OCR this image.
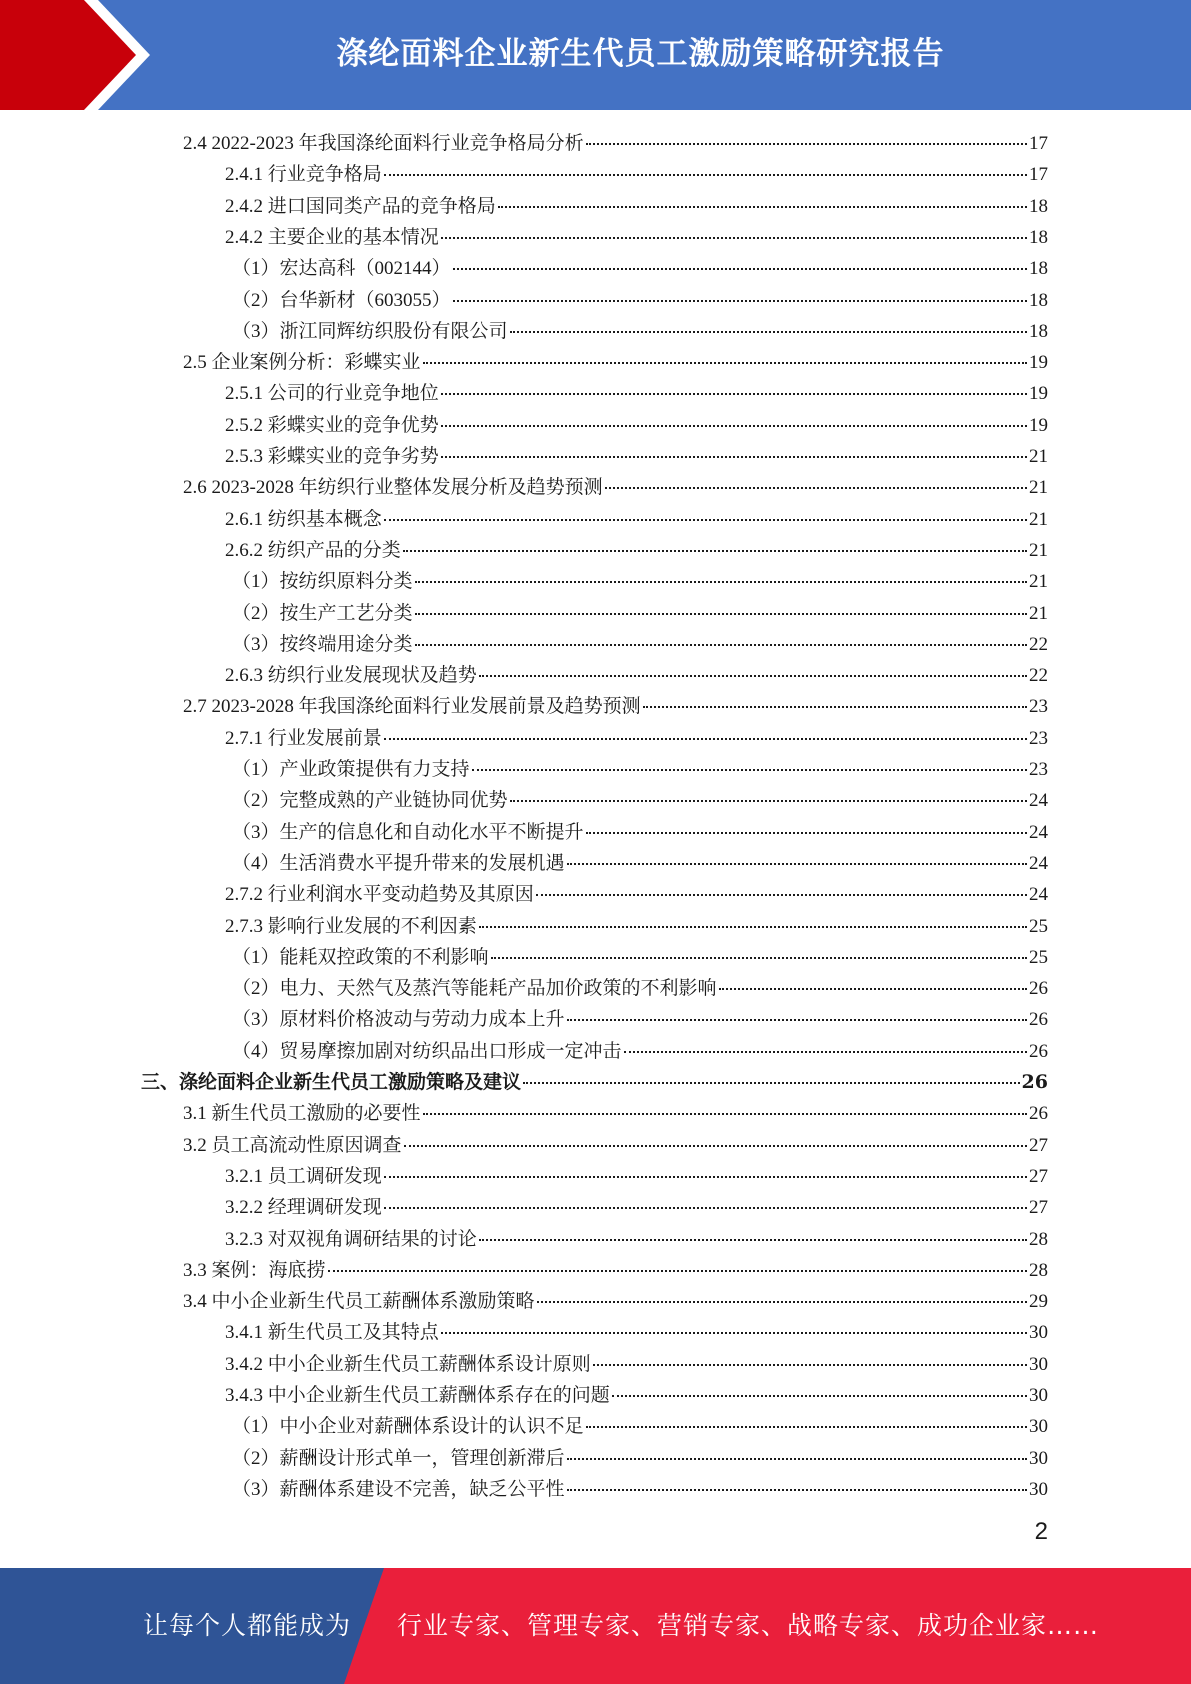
涤纶面料企业新生代员工激励策略研究报告
2.4 2022-2023 年我国涤纶面料行业竞争格局分析	17
2.4.1 行业竞争格局	17
2.4.2 进口国同类产品的竞争格局	18
2.4.2 主要企业的基本情况	18
（1）宏达高科（002144）	18
（2）台华新材（603055）	18
（3）浙江同辉纺织股份有限公司	18
2.5 企业案例分析：彩蝶实业	19
2.5.1 公司的行业竞争地位	19
2.5.2 彩蝶实业的竞争优势	19
2.5.3 彩蝶实业的竞争劣势	21
2.6 2023-2028 年纺织行业整体发展分析及趋势预测	21
2.6.1 纺织基本概念	21
2.6.2 纺织产品的分类	21
（1）按纺织原料分类	21
（2）按生产工艺分类	21
（3）按终端用途分类	22
2.6.3 纺织行业发展现状及趋势	22
2.7 2023-2028 年我国涤纶面料行业发展前景及趋势预测	23
2.7.1 行业发展前景	23
（1）产业政策提供有力支持	23
（2）完整成熟的产业链协同优势	24
（3）生产的信息化和自动化水平不断提升	24
（4）生活消费水平提升带来的发展机遇	24
2.7.2 行业利润水平变动趋势及其原因	24
2.7.3 影响行业发展的不利因素	25
（1）能耗双控政策的不利影响	25
（2）电力、天然气及蒸汽等能耗产品加价政策的不利影响	26
（3）原材料价格波动与劳动力成本上升	26
（4）贸易摩擦加剧对纺织品出口形成一定冲击	26
三、涤纶面料企业新生代员工激励策略及建议	26
3.1 新生代员工激励的必要性	26
3.2 员工高流动性原因调查	27
3.2.1 员工调研发现	27
3.2.2 经理调研发现	27
3.2.3 对双视角调研结果的讨论	28
3.3 案例：海底捞	28
3.4 中小企业新生代员工薪酬体系激励策略	29
3.4.1 新生代员工及其特点	30
3.4.2 中小企业新生代员工薪酬体系设计原则	30
3.4.3 中小企业新生代员工薪酬体系存在的问题	30
（1）中小企业对薪酬体系设计的认识不足	30
（2）薪酬设计形式单一，管理创新滞后	30
（3）薪酬体系建设不完善，缺乏公平性	30
2
让每个人都能成为 行业专家、管理专家、营销专家、战略专家、成功企业家……
